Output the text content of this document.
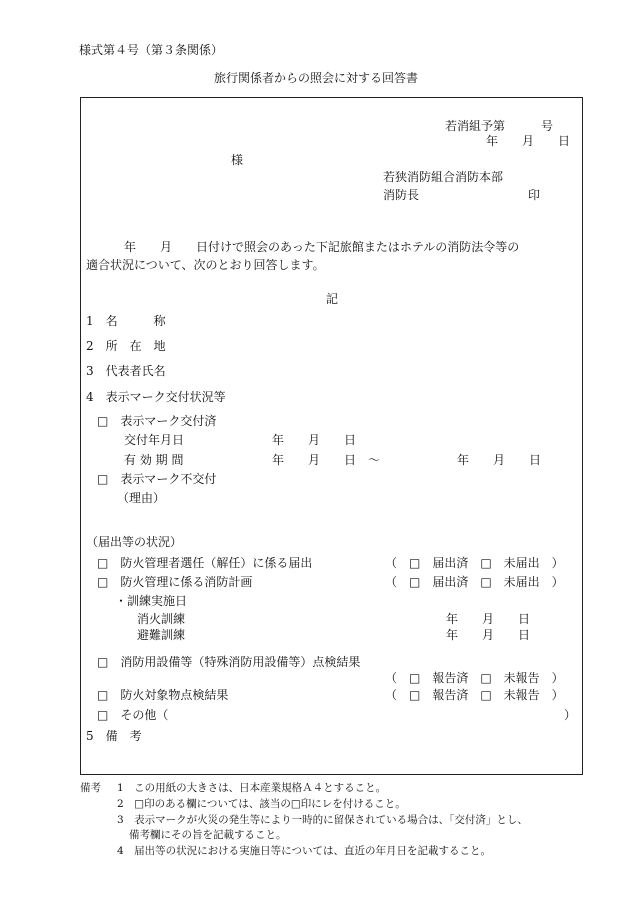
様式第４号（第３条関係）
旅行関係者からの照会に対する回答書
若消組予第　　　号
年　　月　　日
様
若狭消防組合消防本部
消防長	印
年　　月　　日付けで照会のあった下記旅館またはホテルの消防法令等の
適合状況について、次のとおり回答します。
記
1　名　　　称
2　所　在　地
3　代表者氏名
4　表示マーク交付状況等
□　表示マーク交付済
交付年月日	年　　月　　日
有 効 期 間	年　　月　　日　～	年　　月　　日
□　表示マーク不交付
（理由）
（届出等の状況）
□　防火管理者選任（解任）に係る届出	（　□　届出済　□　未届出　）
□　防火管理に係る消防計画	（　□　届出済　□　未届出　）
・訓練実施日
消火訓練	年　　月　　日
避難訓練	年　　月　　日
□　消防用設備等（特殊消防用設備等）点検結果
（　□　報告済　□　未報告　）
□　防火対象物点検結果	（　□　報告済　□　未報告　）
□　その他（	）
5　備　考
備考 1　この用紙の大きさは、日本産業規格Ａ４とすること。
2　□印のある欄については、該当の□印にレを付けること。
3　表示マークが火災の発生等により一時的に留保されている場合は、「交付済」とし、
備考欄にその旨を記載すること。
4　届出等の状況における実施日等については、直近の年月日を記載すること。
